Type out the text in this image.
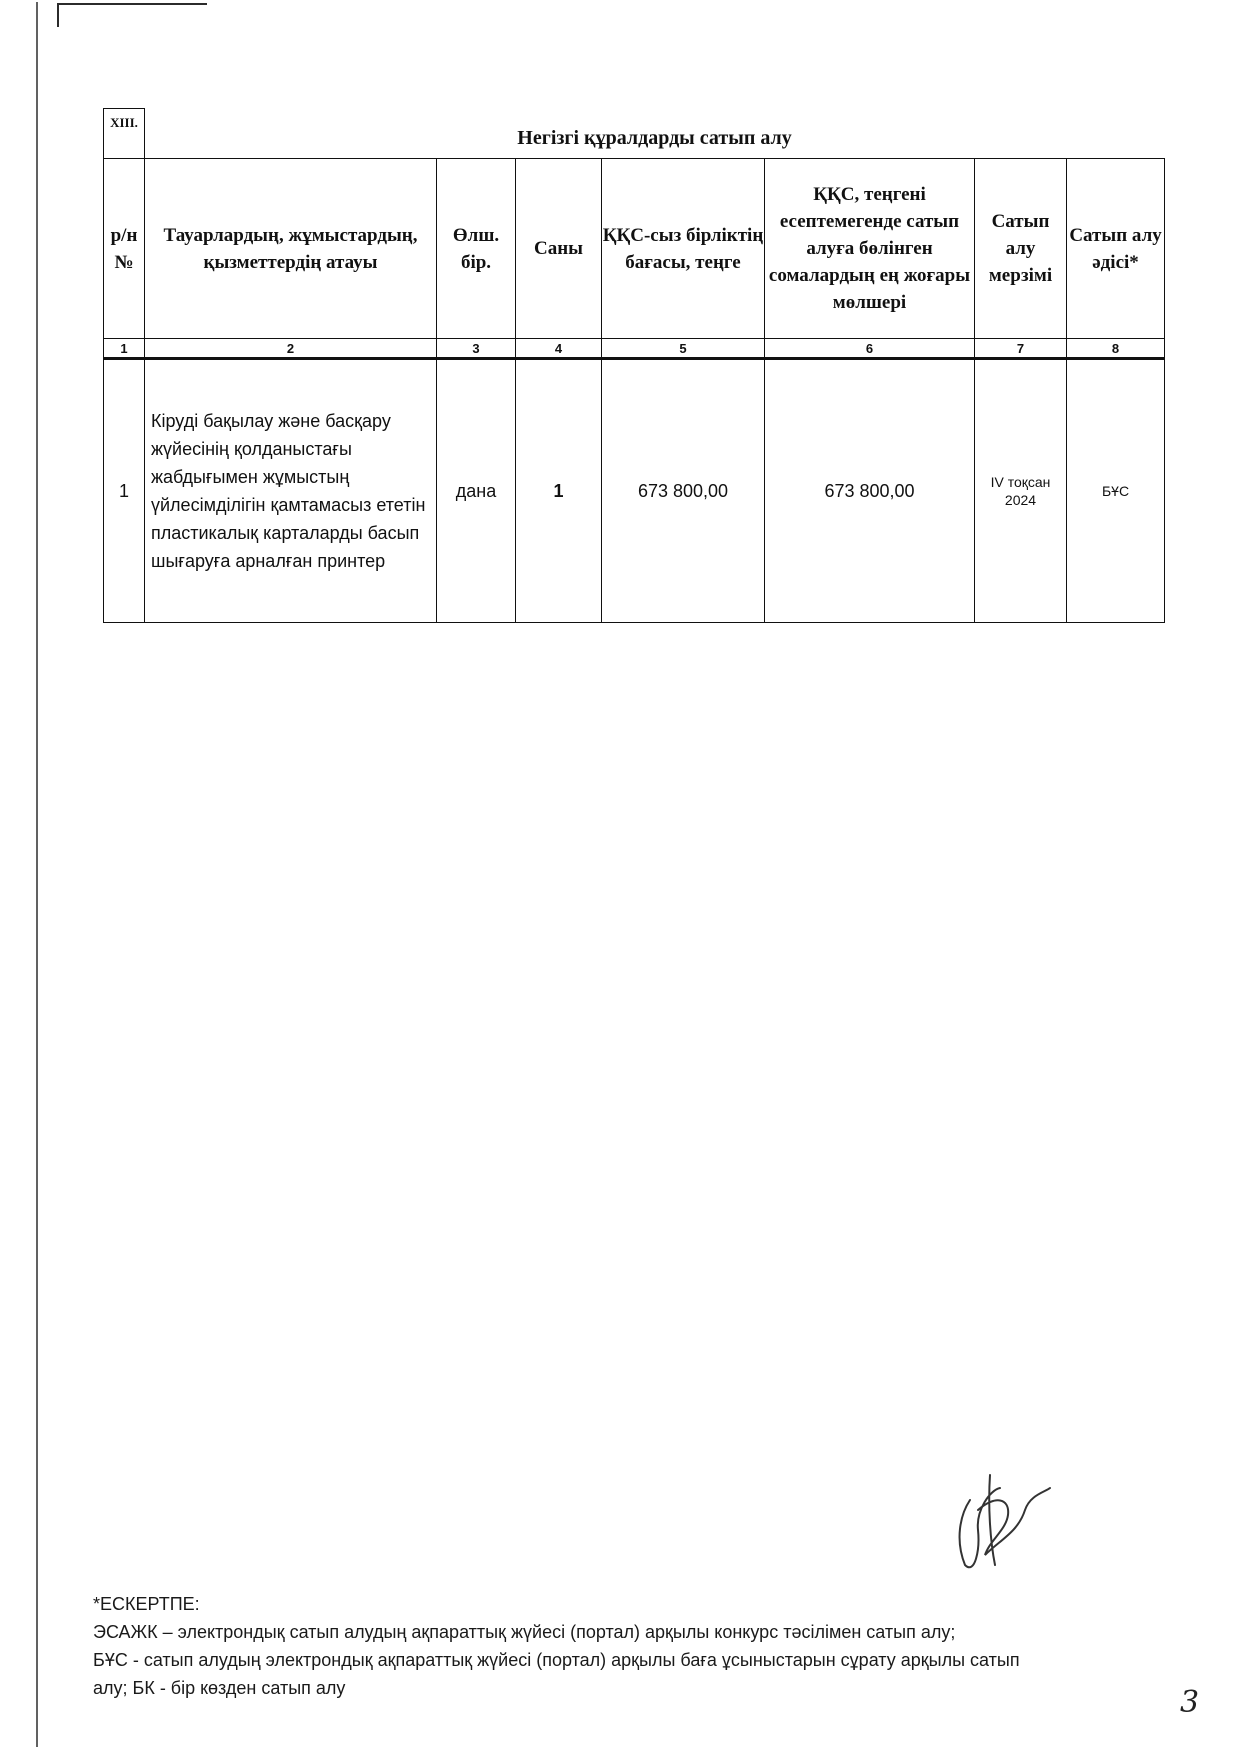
XIII.	Негізгі құралдарды сатып алу						
р/н №	Тауарлардың, жұмыстардың, қызметтердің атауы	Өлш. бір.	Саны	ҚҚС-сыз бірліктің бағасы, теңге	ҚҚС, теңгені есептемегенде сатып алуға бөлінген сомалардың ең жоғары мөлшері	Сатып алу мерзімі	Сатып алу әдісі*
1	2	3	4	5	6	7	8
1	Кіруді бақылау және басқару жүйесінің қолданыстағы жабдығымен жұмыстың үйлесімділігін қамтамасыз ететін пластикалық карталарды басып шығаруға арналған принтер	дана	1	673 800,00	673 800,00	IV тоқсан 2024	БҰС
*ЕСКЕРТПЕ:
ЭСАЖК – электрондық сатып алудың ақпараттық жүйесі (портал) арқылы конкурс тәсілімен сатып алу;
БҰС - сатып алудың электрондық ақпараттық жүйесі (портал) арқылы баға ұсыныстарын сұрату арқылы сатып
алу; БК - бір көзден сатып алу	3
